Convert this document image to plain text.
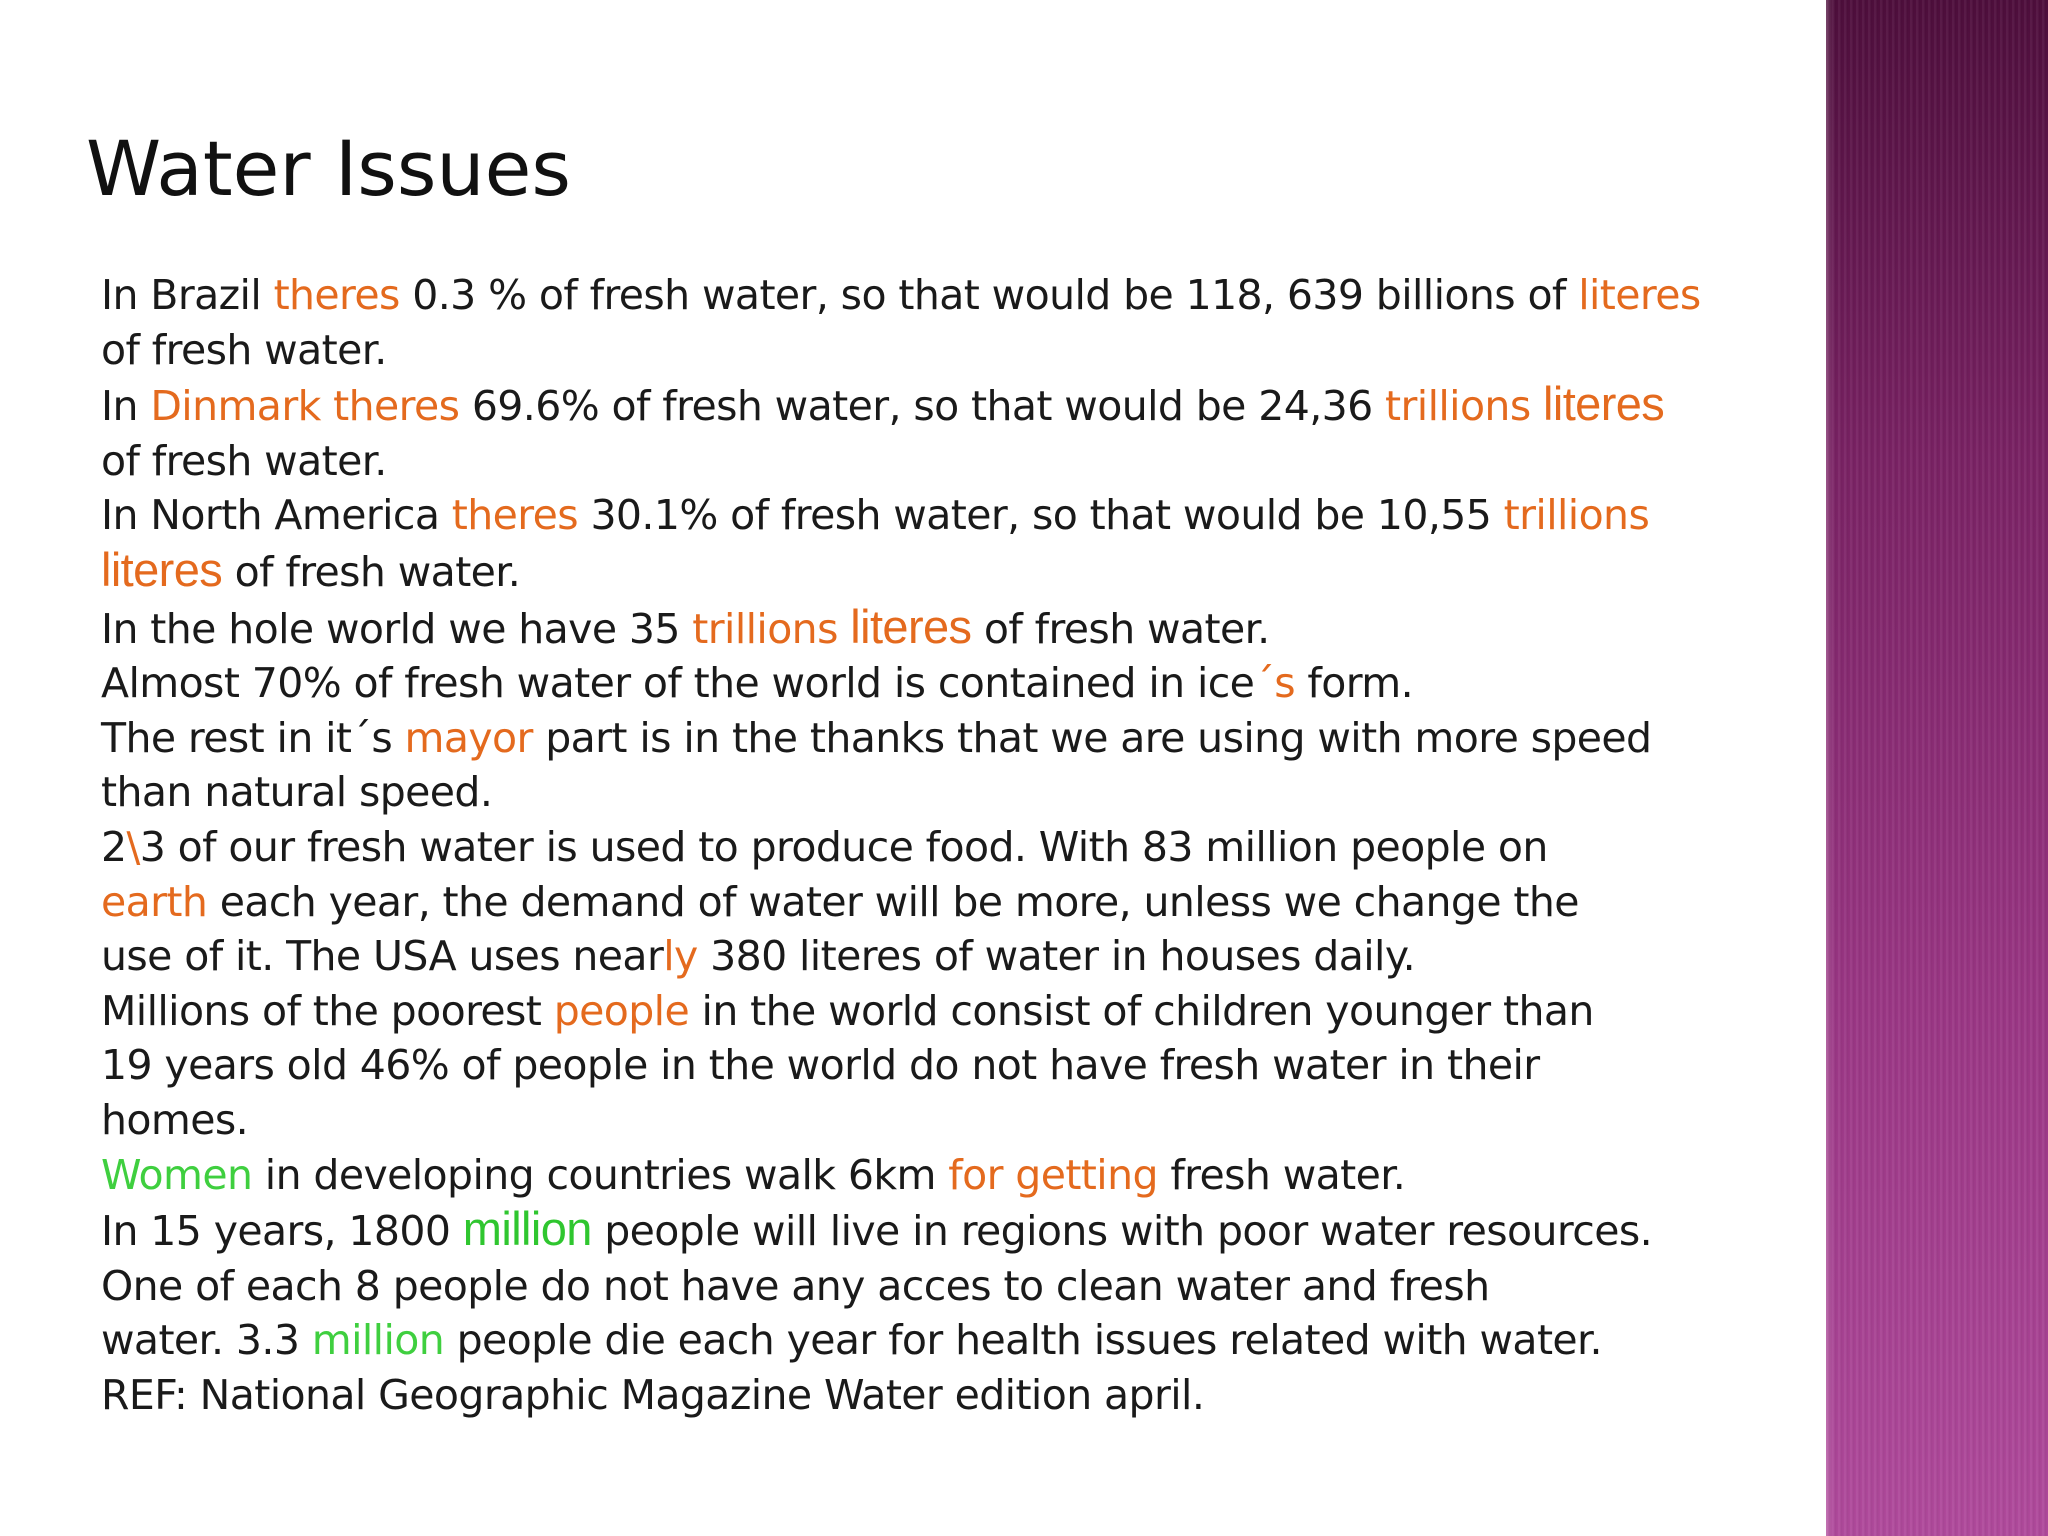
Water Issues
In Brazil theres 0.3 % of fresh water, so that would be 118, 639 billions of literes
of fresh water.
In Dinmark theres 69.6% of fresh water, so that would be 24,36 trillions literes
of fresh water.
In North America theres 30.1% of fresh water, so that would be 10,55 trillions
literes of fresh water.
In the hole world we have 35 trillions literes of fresh water.
Almost 70% of fresh water of the world is contained in ice´s form.
The rest in it´s mayor part is in the thanks that we are using with more speed
than natural speed.
2\3 of our fresh water is used to produce food. With 83 million people on
earth each year, the demand of water will be more, unless we change the
use of it. The USA uses nearly 380 literes of water in houses daily.
Millions of the poorest people in the world consist of children younger than
19 years old 46% of people in the world do not have fresh water in their
homes.
Women in developing countries walk 6km for getting fresh water.
In 15 years, 1800 million people will live in regions with poor water resources.
One of each 8 people do not have any acces to clean water and fresh
water. 3.3 million people die each year for health issues related with water.
REF: National Geographic Magazine Water edition april.
